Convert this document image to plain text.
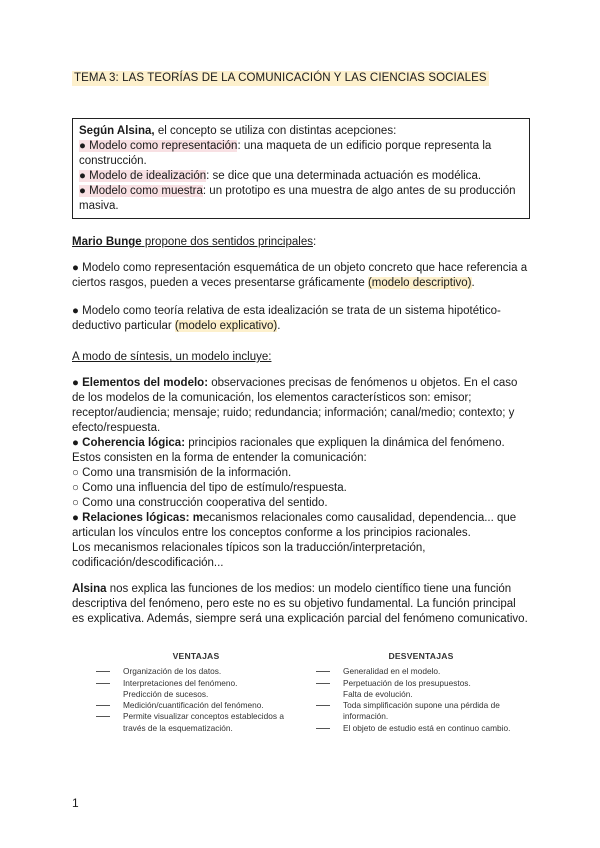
TEMA 3: LAS TEORÍAS DE LA COMUNICACIÓN Y LAS CIENCIAS SOCIALES
Según Alsina, el concepto se utiliza con distintas acepciones:
● Modelo como representación: una maqueta de un edificio porque representa la construcción.
● Modelo de idealización: se dice que una determinada actuación es modélica.
● Modelo como muestra: un prototipo es una muestra de algo antes de su producción masiva.
Mario Bunge propone dos sentidos principales:
● Modelo como representación esquemática de un objeto concreto que hace referencia a ciertos rasgos, pueden a veces presentarse gráficamente (modelo descriptivo).
● Modelo como teoría relativa de esta idealización se trata de un sistema hipotético-deductivo particular (modelo explicativo).
A modo de síntesis, un modelo incluye:

● Elementos del modelo: observaciones precisas de fenómenos u objetos. En el caso de los modelos de la comunicación, los elementos característicos son: emisor; receptor/audiencia; mensaje; ruido; redundancia; información; canal/medio; contexto; y efecto/respuesta.

● Coherencia lógica: principios racionales que expliquen la dinámica del fenómeno. Estos consisten en la forma de entender la comunicación:

○ Como una transmisión de la información.

○ Como una influencia del tipo de estímulo/respuesta.

○ Como una construcción cooperativa del sentido.

● Relaciones lógicas: mecanismos relacionales como causalidad, dependencia... que articulan los vínculos entre los conceptos conforme a los principios racionales.

Los mecanismos relacionales típicos son la traducción/interpretación, codificación/descodificación...

Alsina nos explica las funciones de los medios: un modelo científico tiene una función descriptiva del fenómeno, pero este no es su objetivo fundamental. La función principal es explicativa. Además, siempre será una explicación parcial del fenómeno comunicativo.
VENTAJAS
Organización de los datos.
Interpretaciones del fenómeno.
Predicción de sucesos.
Medición/cuantificación del fenómeno.
Permite visualizar conceptos establecidos a través de la esquematización.
DESVENTAJAS
Generalidad en el modelo.
Perpetuación de los presupuestos.
Falta de evolución.
Toda simplificación supone una pérdida de información.
El objeto de estudio está en continuo cambio.
1
